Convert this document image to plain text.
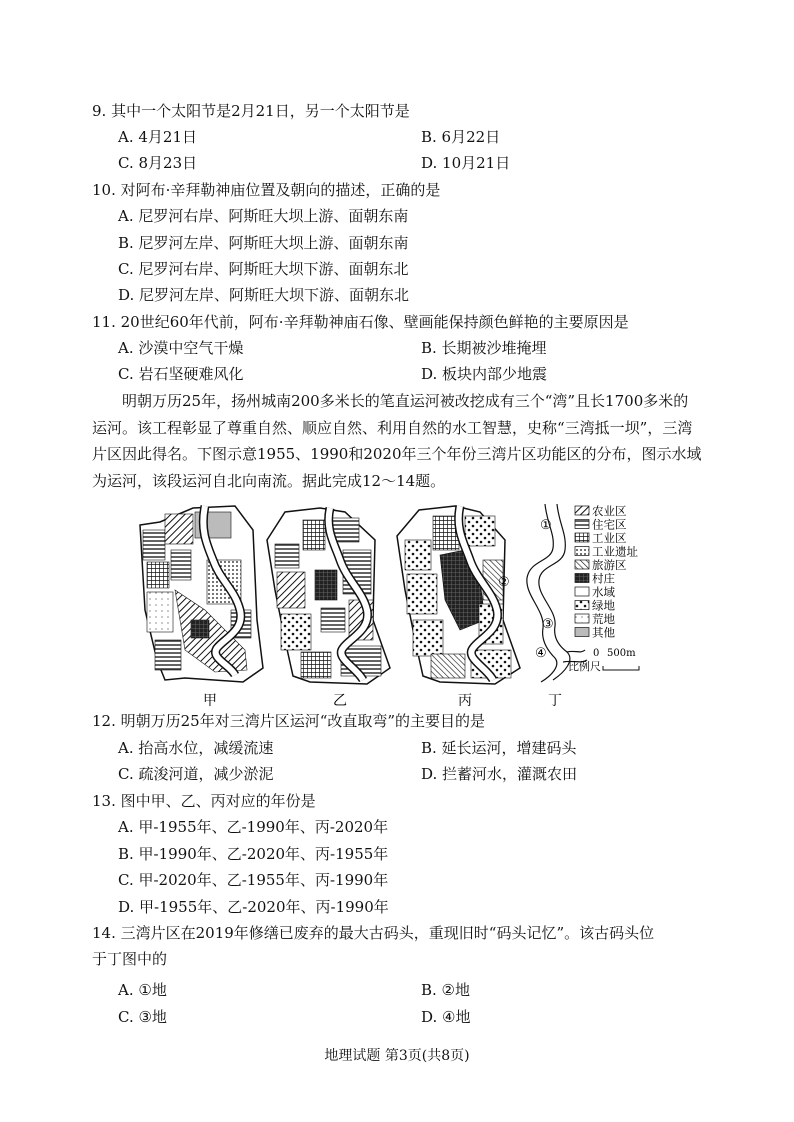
9. 其中一个太阳节是2月21日，另一个太阳节是
A. 4月21日	B. 6月22日
C. 8月23日	D. 10月21日
10. 对阿布·辛拜勒神庙位置及朝向的描述，正确的是
A. 尼罗河右岸、阿斯旺大坝上游、面朝东南
B. 尼罗河左岸、阿斯旺大坝上游、面朝东南
C. 尼罗河右岸、阿斯旺大坝下游、面朝东北
D. 尼罗河左岸、阿斯旺大坝下游、面朝东北
11. 20世纪60年代前，阿布·辛拜勒神庙石像、壁画能保持颜色鲜艳的主要原因是
A. 沙漠中空气干燥	B. 长期被沙堆掩埋
C. 岩石坚硬难风化	D. 板块内部少地震
明朝万历25年，扬州城南200多米长的笔直运河被改挖成有三个“湾”且长1700多米的运河。该工程彰显了尊重自然、顺应自然、利用自然的水工智慧，史称“三湾抵一坝”，三湾片区因此得名。下图示意1955、1990和2020年三个年份三湾片区功能区的分布，图示水域为运河，该段运河自北向南流。据此完成12～14题。
①
②
③
④
农业区
住宅区
工业区
工业遗址
旅游区
村庄
水域
绿地
荒地
其他
0 500m
比例尺
甲	乙	丙	丁
12. 明朝万历25年对三湾片区运河“改直取弯”的主要目的是
A. 抬高水位，减缓流速	B. 延长运河，增建码头
C. 疏浚河道，减少淤泥	D. 拦蓄河水，灌溉农田
13. 图中甲、乙、丙对应的年份是
A. 甲-1955年、乙-1990年、丙-2020年
B. 甲-1990年、乙-2020年、丙-1955年
C. 甲-2020年、乙-1955年、丙-1990年
D. 甲-1955年、乙-2020年、丙-1990年
14. 三湾片区在2019年修缮已废弃的最大古码头，重现旧时“码头记忆”。该古码头位
于丁图中的
A. ①地	B. ②地
C. ③地	D. ④地
地理试题 第3页(共8页)
